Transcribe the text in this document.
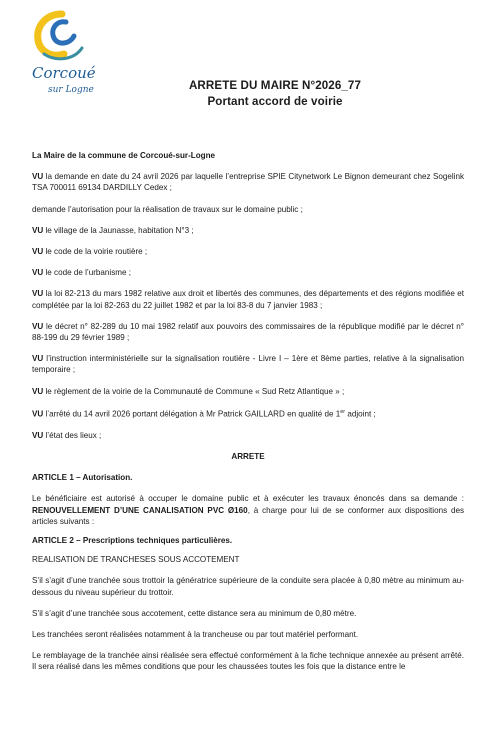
Corcoué
sur Logne	ARRETE DU MAIRE N°2026_77
Portant accord de voirie

La Maire de la commune de Corcoué-sur-Logne

VU la demande en date du 24 avril 2026 par laquelle l’entreprise SPIE Citynetwork Le Bignon demeurant chez Sogelink TSA 700011 69134 DARDILLY Cedex ;

demande l’autorisation pour la réalisation de travaux sur le domaine public ;

VU le village de la Jaunasse, habitation N°3 ;

VU le code de la voirie routière ;

VU le code de l’urbanisme ;

VU la loi 82-213 du mars 1982 relative aux droit et libertés des communes, des départements et des régions modifiée et complétée par la loi 82-263 du 22 juillet 1982 et par la loi 83-8 du 7 janvier 1983 ;

VU le décret n° 82-289 du 10 mai 1982 relatif aux pouvoirs des commissaires de la république modifié par le décret n° 88-199 du 29 février 1989 ;

VU l’instruction interministérielle sur la signalisation routière - Livre I – 1ère et 8ème parties, relative à la signalisation temporaire ;

VU le règlement de la voirie de la Communauté de Commune « Sud Retz Atlantique » ;

VU l’arrêté du 14 avril 2026 portant délégation à Mr Patrick GAILLARD en qualité de 1er adjoint ;

VU l’état des lieux ;

ARRETE

ARTICLE 1 – Autorisation.

Le bénéficiaire est autorisé à occuper le domaine public et à exécuter les travaux énoncés dans sa demande : RENOUVELLEMENT D’UNE CANALISATION PVC Ø160, à charge pour lui de se conformer aux dispositions des articles suivants :

ARTICLE 2 – Prescriptions techniques particulières.

REALISATION DE TRANCHESES SOUS ACCOTEMENT

S’il s’agit d’une tranchée sous trottoir la génératrice supérieure de la conduite sera placée à 0,80 mètre au minimum au-dessous du niveau supérieur du trottoir.

S’il s’agit d’une tranchée sous accotement, cette distance sera au minimum de 0,80 mètre.

Les tranchées seront réalisées notamment à la trancheuse ou par tout matériel performant.

Le remblayage de la tranchée ainsi réalisée sera effectué conformément à la fiche technique annexée au présent arrêté. Il sera réalisé dans les mêmes conditions que pour les chaussées toutes les fois que la distance entre le
